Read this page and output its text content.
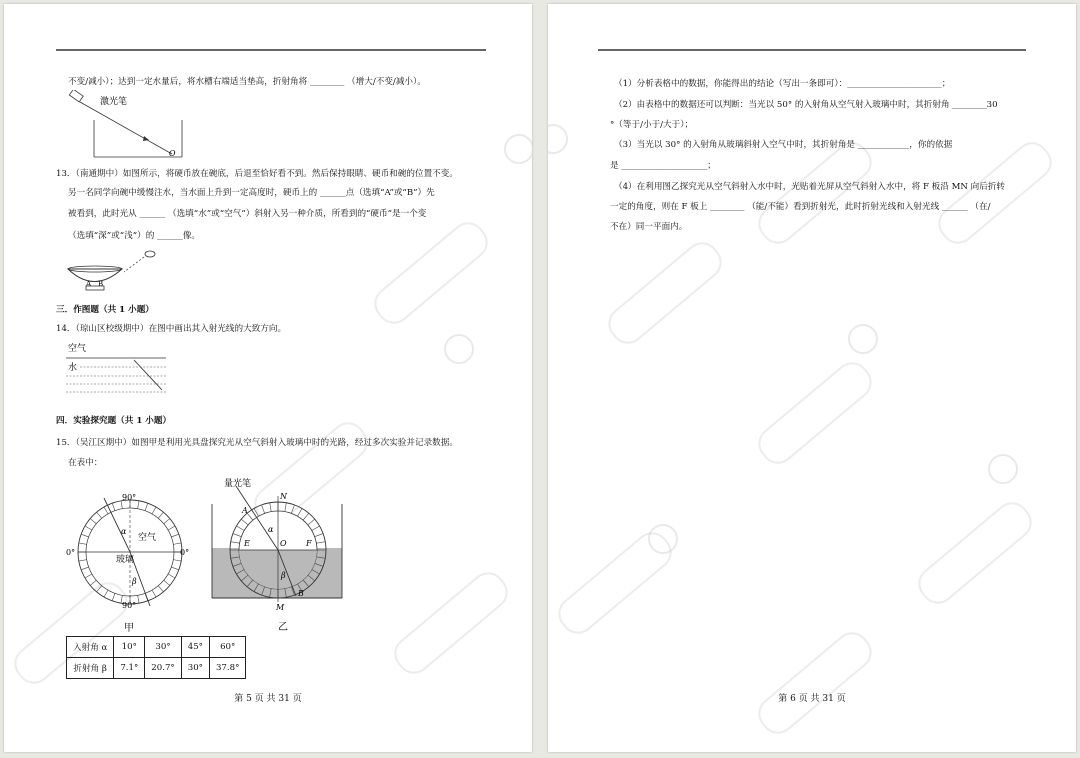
不变/减小）；达到一定水量后，将水槽右端适当垫高，折射角将 ________ （增大/不变/减小）。
激光笔
O
13．（南通期中）如图所示，将硬币放在碗底，后退至恰好看不到。然后保持眼睛、硬币和碗的位置不变。
另一名同学向碗中缓慢注水，当水面上升到一定高度时，硬币上的 ______点（选填“A”或“B”）先
被看到，此时光从 ______ （选填“水”或“空气”）斜射入另一种介质，所看到的“硬币”是一个变
（选填“深”或“浅”）的 ______像。
A　B
三．作图题（共 1 小题）
14．（琼山区校级期中）在图中画出其入射光线的大致方向。
空气
水
四．实验探究题（共 1 小题）
15．（吴江区期中）如图甲是利用光具盘探究光从空气斜射入玻璃中时的光路，经过多次实验并记录数据。
在表中：
90°
90°
0°	0°
空气
玻璃
α
β
甲
量光笔
N
A
α
E	O F
β
B
M
乙
入射角 α	10°	30°	45°	60°
折射角 β	7.1°	20.7°	30°	37.8°
第 5 页 共 31 页
（1）分析表格中的数据，你能得出的结论（写出一条即可）：______________________；
（2）由表格中的数据还可以判断：当光以 50° 的入射角从空气射入玻璃中时，其折射角 ________30
°（等于/小于/大于）；
（3）当光以 30° 的入射角从玻璃斜射入空气中时，其折射角是 ____________，你的依据
是 ____________________；
（4）在利用图乙探究光从空气斜射入水中时，光贴着光屏从空气斜射入水中，将 F 板沿 MN 向后折转
一定的角度，则在 F 板上 ________ （能/不能）看到折射光，此时折射光线和入射光线 ______ （在/
不在）同一平面内。
第 6 页 共 31 页
